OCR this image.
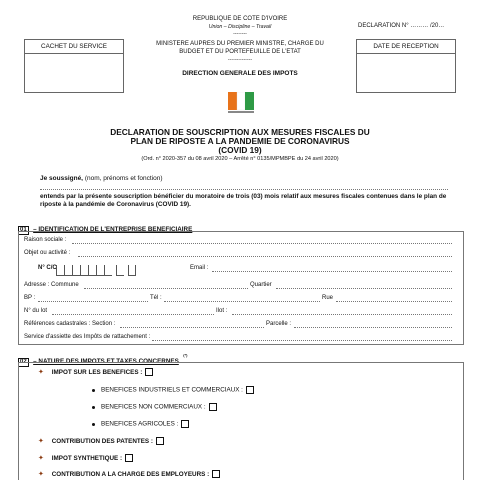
REPUBLIQUE DE COTE D'IVOIRE
Union – Discipline – Travail
--------
MINISTERE AUPRES DU PREMIER MINISTRE, CHARGE DU BUDGET ET DU PORTEFEUILLE DE L'ETAT
--------------
DIRECTION GENERALE DES IMPOTS
DECLARATION N° ……… /20…
CACHET DU SERVICE	DATE DE RECEPTION
G
DECLARATION DE SOUSCRIPTION AUX MESURES FISCALES DU
PLAN DE RIPOSTE A LA PANDEMIE DE CORONAVIRUS
(COVID 19)
(Ord. n° 2020-357 du 08 avril 2020 – Arrêté n° 0135/MPMBPE du 24 avril 2020)
Je soussigné, (nom, prénoms et fonction)
entends par la présente souscription bénéficier du moratoire de trois (03) mois relatif aux mesures fiscales contenues dans le plan de riposte à la pandémie de Coronavirus (COVID 19).
01 – IDENTIFICATION DE L'ENTREPRISE BENEFICIAIRE
Raison sociale :
Objet ou activité :
N° C/C	Email :
Adresse : Commune	Quartier
BP :	Tél :	Rue
N° du lot	Ilot :
Références cadastrales : Section :	Parcelle :
Service d'assiette des Impôts de rattachement :
02 – NATURE DES IMPOTS ET TAXES CONCERNES (*)
✦ IMPOT SUR LES BENEFICES :
BENEFICES INDUSTRIELS ET COMMERCIAUX :
BENEFICES NON COMMERCIAUX :
BENEFICES AGRICOLES :
✦ CONTRIBUTION DES PATENTES :
✦ IMPOT SYNTHETIQUE :
✦ CONTRIBUTION A LA CHARGE DES EMPLOYEURS :
